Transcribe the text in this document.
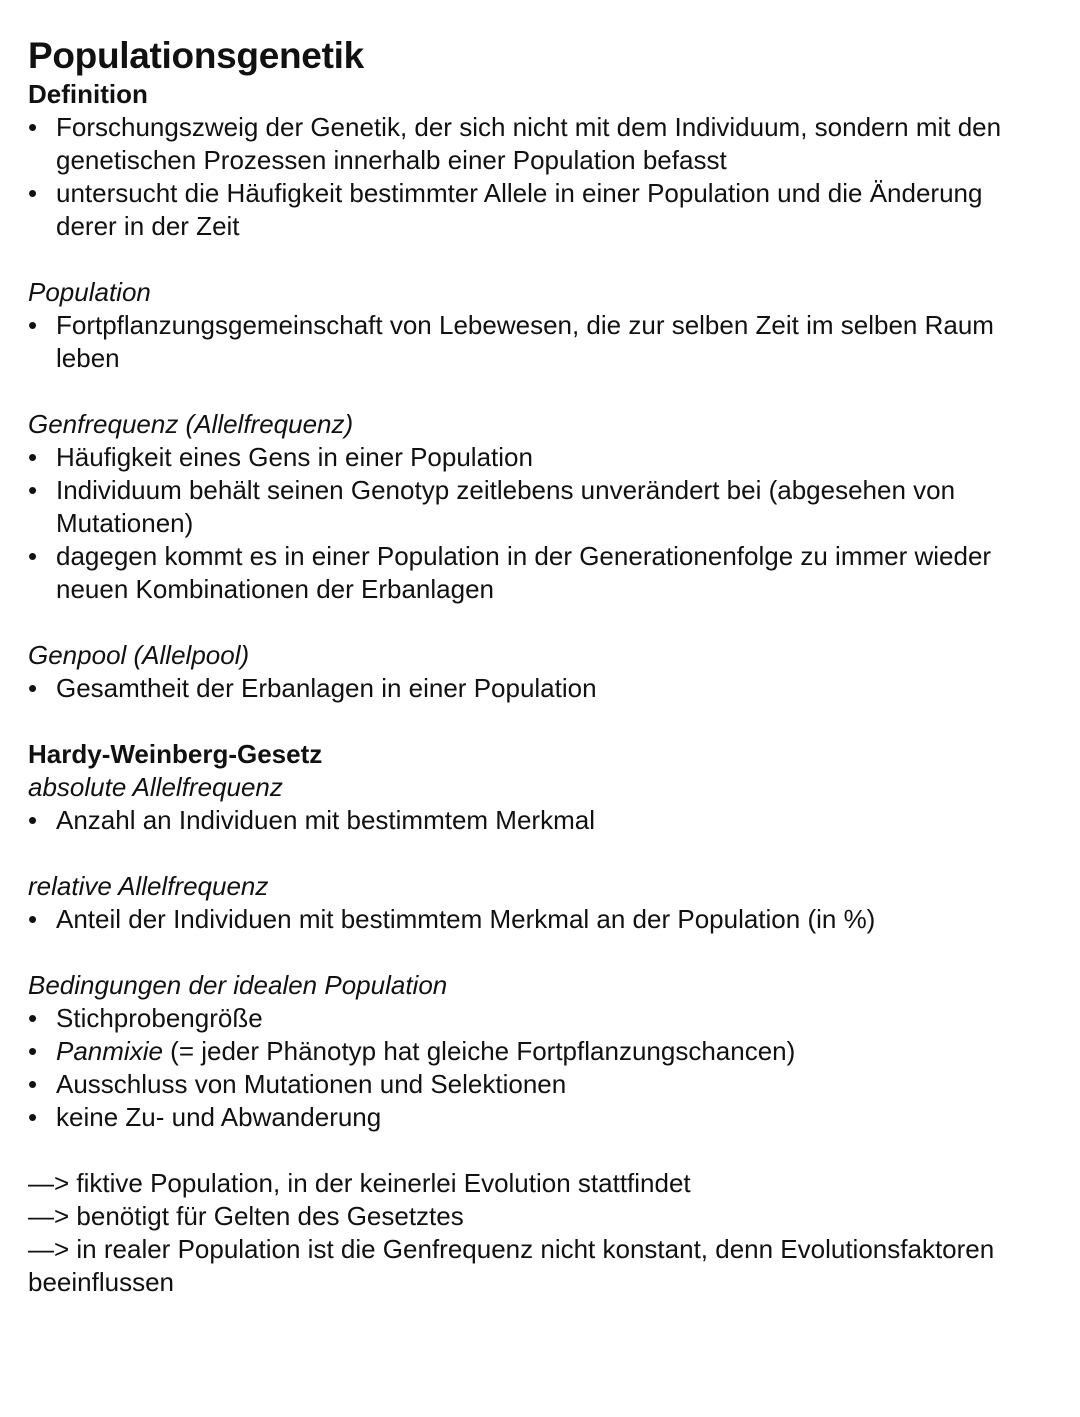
Populationsgenetik

Definition

• Forschungszweig der Genetik, der sich nicht mit dem Individuum, sondern mit den genetischen Prozessen innerhalb einer Population befasst
• untersucht die Häufigkeit bestimmter Allele in einer Population und die Änderung derer in der Zeit

Population

• Fortpflanzungsgemeinschaft von Lebewesen, die zur selben Zeit im selben Raum leben

Genfrequenz (Allelfrequenz)

• Häufigkeit eines Gens in einer Population
• Individuum behält seinen Genotyp zeitlebens unverändert bei (abgesehen von Mutationen)
• dagegen kommt es in einer Population in der Generationenfolge zu immer wieder neuen Kombinationen der Erbanlagen

Genpool (Allelpool)

• Gesamtheit der Erbanlagen in einer Population

Hardy-Weinberg-Gesetz

absolute Allelfrequenz

• Anzahl an Individuen mit bestimmtem Merkmal

relative Allelfrequenz

• Anteil der Individuen mit bestimmtem Merkmal an der Population (in %)

Bedingungen der idealen Population

• Stichprobengröße
• Panmixie (= jeder Phänotyp hat gleiche Fortpflanzungschancen)
• Ausschluss von Mutationen und Selektionen
• keine Zu- und Abwanderung

—> fiktive Population, in der keinerlei Evolution stattfindet

—> benötigt für Gelten des Gesetztes

—> in realer Population ist die Genfrequenz nicht konstant, denn Evolutionsfaktoren beeinflussen
